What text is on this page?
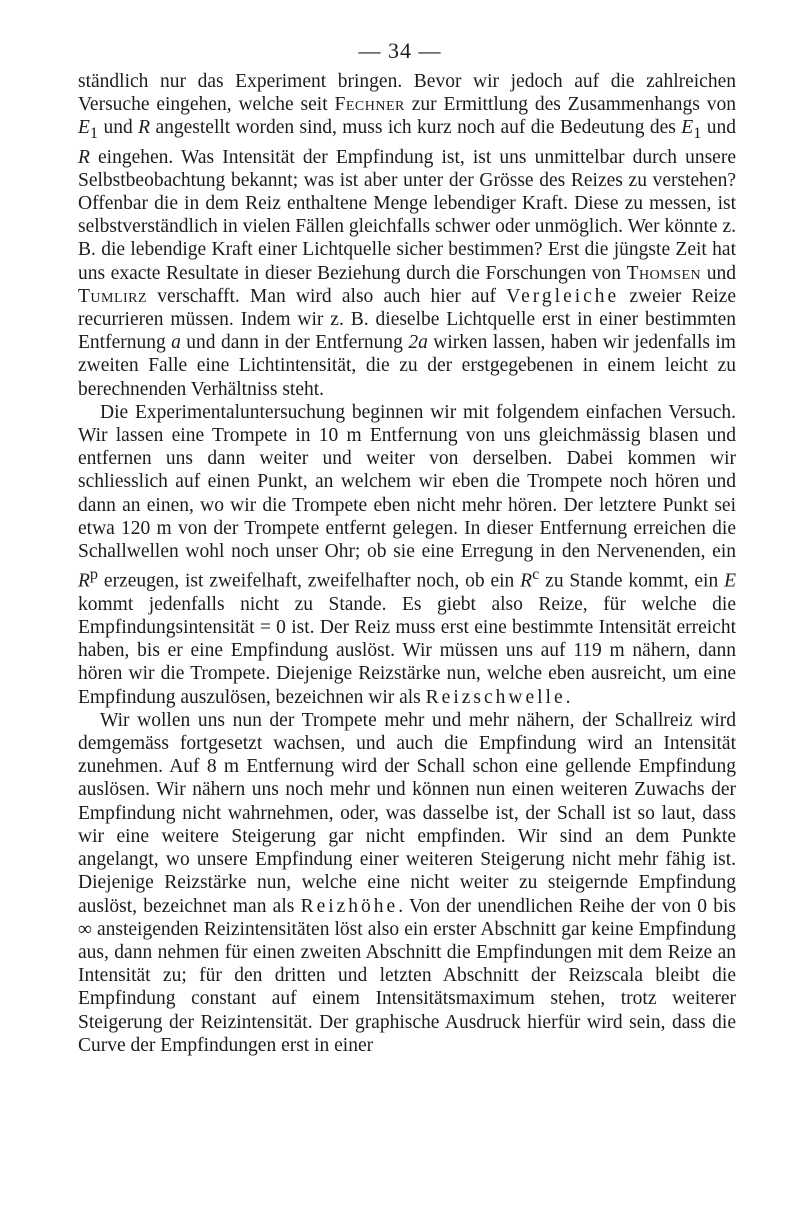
— 34 —

ständlich nur das Experiment bringen. Bevor wir jedoch auf die zahlreichen Versuche eingehen, welche seit Fechner zur Ermittlung des Zusammenhangs von $E_1$ und R angestellt worden sind, muss ich kurz noch auf die Bedeutung des $E_1$ und R eingehen. Was Intensität der Empfindung ist, ist uns unmittelbar durch unsere Selbstbeobachtung bekannt; was ist aber unter der Grösse des Reizes zu verstehen? Offenbar die in dem Reiz enthaltene Menge lebendiger Kraft. Diese zu messen, ist selbstverständlich in vielen Fällen gleichfalls schwer oder unmöglich. Wer könnte z. B. die lebendige Kraft einer Lichtquelle sicher bestimmen? Erst die jüngste Zeit hat uns exacte Resultate in dieser Beziehung durch die Forschungen von Thomsen und Tumlirz verschafft. Man wird also auch hier auf Vergleiche zweier Reize recurrieren müssen. Indem wir z. B. dieselbe Lichtquelle erst in einer bestimmten Entfernung a und dann in der Entfernung 2a wirken lassen, haben wir jedenfalls im zweiten Falle eine Lichtintensität, die zu der erstgegebenen in einem leicht zu berechnenden Verhältniss steht.

Die Experimentaluntersuchung beginnen wir mit folgendem einfachen Versuch. Wir lassen eine Trompete in 10 m Entfernung von uns gleichmässig blasen und entfernen uns dann weiter und weiter von derselben. Dabei kommen wir schliesslich auf einen Punkt, an welchem wir eben die Trompete noch hören und dann an einen, wo wir die Trompete eben nicht mehr hören. Der letztere Punkt sei etwa 120 m von der Trompete entfernt gelegen. In dieser Entfernung erreichen die Schallwellen wohl noch unser Ohr; ob sie eine Erregung in den Nervenenden, ein $R^p$ erzeugen, ist zweifelhaft, zweifelhafter noch, ob ein $R^c$ zu Stande kommt, ein E kommt jedenfalls nicht zu Stande. Es giebt also Reize, für welche die Empfindungsintensität = 0 ist. Der Reiz muss erst eine bestimmte Intensität erreicht haben, bis er eine Empfindung auslöst. Wir müssen uns auf 119 m nähern, dann hören wir die Trompete. Diejenige Reizstärke nun, welche eben ausreicht, um eine Empfindung auszulösen, bezeichnen wir als Reizschwelle.

Wir wollen uns nun der Trompete mehr und mehr nähern, der Schallreiz wird demgemäss fortgesetzt wachsen, und auch die Empfindung wird an Intensität zunehmen. Auf 8 m Entfernung wird der Schall schon eine gellende Empfindung auslösen. Wir nähern uns noch mehr und können nun einen weiteren Zuwachs der Empfindung nicht wahrnehmen, oder, was dasselbe ist, der Schall ist so laut, dass wir eine weitere Steigerung gar nicht empfinden. Wir sind an dem Punkte angelangt, wo unsere Empfindung einer weiteren Steigerung nicht mehr fähig ist. Diejenige Reizstärke nun, welche eine nicht weiter zu steigernde Empfindung auslöst, bezeichnet man als Reizhöhe. Von der unendlichen Reihe der von 0 bis ∞ ansteigenden Reizintensitäten löst also ein erster Abschnitt gar keine Empfindung aus, dann nehmen für einen zweiten Abschnitt die Empfindungen mit dem Reize an Intensität zu; für den dritten und letzten Abschnitt der Reizscala bleibt die Empfindung constant auf einem Intensitätsmaximum stehen, trotz weiterer Steigerung der Reizintensität. Der graphische Ausdruck hierfür wird sein, dass die Curve der Empfindungen erst in einer
